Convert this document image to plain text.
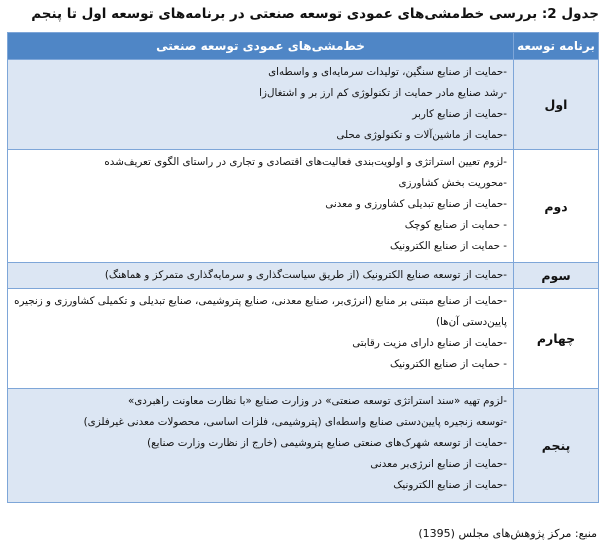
جدول 2: بررسی خط‌مشی‌های عمودی توسعه صنعتی در برنامه‌های توسعه اول تا پنجم
برنامه توسعه	خط‌مشی‌های عمودی توسعه صنعتی
اول	-حمایت از صنایع سنگین، تولیدات سرمایه‌ای و واسطه‌ای
-رشد صنایع مادر حمایت از تکنولوژی کم ارز بر و اشتغال‌زا
-حمایت از صنایع کاربر
-حمایت از ماشین‌آلات و تکنولوژی محلی

دوم	-لزوم تعیین استراتژی و اولویت‌بندی فعالیت‌های اقتصادی و تجاری در راستای الگوی تعریف‌شده
-محوریت بخش کشاورزی
-حمایت از صنایع تبدیلی کشاورزی و معدنی
- حمایت از صنایع کوچک
- حمایت از صنایع الکترونیک

سوم	-حمایت از توسعه صنایع الکترونیک (از طریق سیاست‌گذاری و سرمایه‌گذاری متمرکز و هماهنگ)

چهارم	-حمایت از صنایع مبتنی بر منابع (انرژی‌بر، صنایع معدنی، صنایع پتروشیمی، صنایع تبدیلی و تکمیلی کشاورزی و زنجیره پایین‌دستی آن‌ها)
-حمایت از صنایع دارای مزیت رقابتی
- حمایت از صنایع الکترونیک

پنجم	-لزوم تهیه «سند استراتژی توسعه صنعتی» در وزارت صنایع «با نظارت معاونت راهبردی»
-توسعه زنجیره پایین‌دستی صنایع واسطه‌ای (پتروشیمی، فلزات اساسی، محصولات معدنی غیرفلزی)
-حمایت از توسعه شهرک‌های صنعتی صنایع پتروشیمی (خارج از نظارت وزارت صنایع)
-حمایت از صنایع انرژی‌بر معدنی
-حمایت از صنایع الکترونیک
منبع: مرکز پژوهش‌های مجلس (1395)
